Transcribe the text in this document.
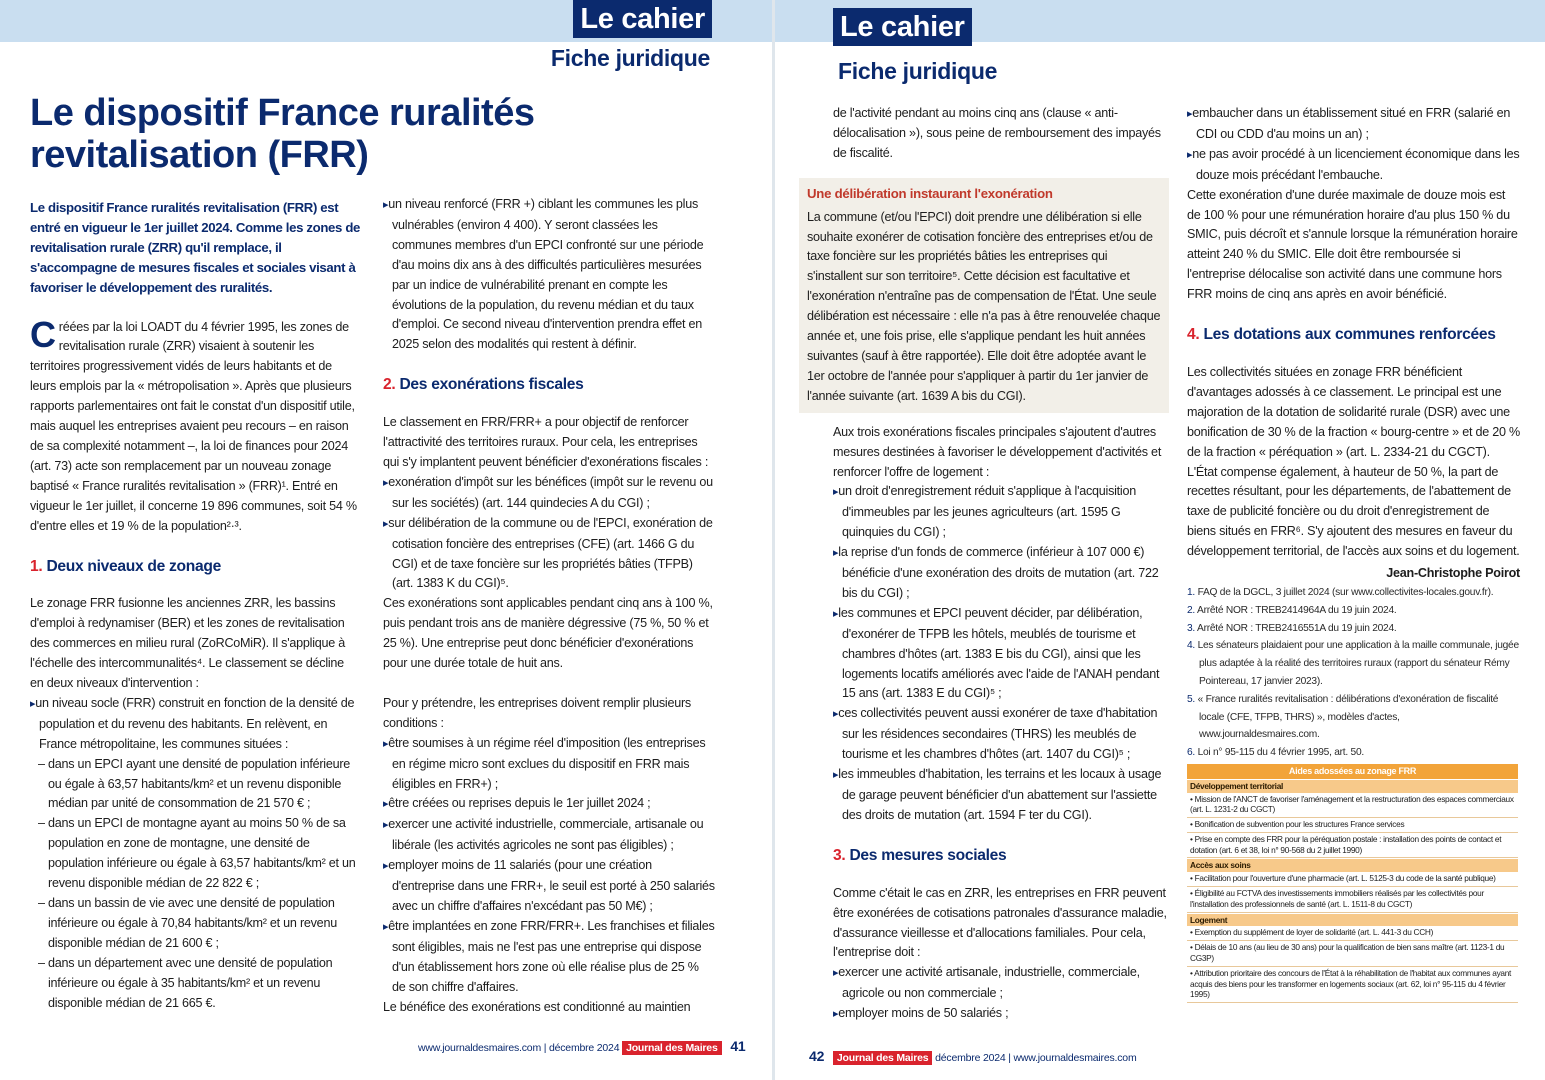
Le cahier
Fiche juridique
Le dispositif France ruralités revitalisation (FRR)

Le dispositif France ruralités revitalisation (FRR) est entré en vigueur le 1er juillet 2024. Comme les zones de revitalisation rurale (ZRR) qu'il remplace, il s'accompagne de mesures fiscales et sociales visant à favoriser le développement des ruralités.

Créées par la loi LOADT du 4 février 1995, les zones de revitalisation rurale (ZRR) visaient à soutenir les territoires progressivement vidés de leurs habitants et de leurs emplois par la « métropolisation ». Après que plusieurs rapports parlementaires ont fait le constat d'un dispositif utile, mais auquel les entreprises avaient peu recours – en raison de sa complexité notamment –, la loi de finances pour 2024 (art. 73) acte son remplacement par un nouveau zonage baptisé « France ruralités revitalisation » (FRR)¹. Entré en vigueur le 1er juillet, il concerne 19 896 communes, soit 54 % d'entre elles et 19 % de la population²·³.

1. Deux niveaux de zonage

Le zonage FRR fusionne les anciennes ZRR, les bassins d'emploi à redynamiser (BER) et les zones de revitalisation des commerces en milieu rural (ZoRCoMiR). Il s'applique à l'échelle des intercommunalités⁴. Le classement se décline en deux niveaux d'intervention :

▸ un niveau socle (FRR) construit en fonction de la densité de population et du revenu des habitants. En relèvent, en France métropolitaine, les communes situées :

– dans un EPCI ayant une densité de population inférieure ou égale à 63,57 habitants/km² et un revenu disponible médian par unité de consommation de 21 570 € ;

– dans un EPCI de montagne ayant au moins 50 % de sa population en zone de montagne, une densité de population inférieure ou égale à 63,57 habitants/km² et un revenu disponible médian de 22 822 € ;

– dans un bassin de vie avec une densité de population inférieure ou égale à 70,84 habitants/km² et un revenu disponible médian de 21 600 € ;

– dans un département avec une densité de population inférieure ou égale à 35 habitants/km² et un revenu disponible médian de 21 665 €.

▸ un niveau renforcé (FRR +) ciblant les communes les plus vulnérables (environ 4 400). Y seront classées les communes membres d'un EPCI confronté sur une période d'au moins dix ans à des difficultés particulières mesurées par un indice de vulnérabilité prenant en compte les évolutions de la population, du revenu médian et du taux d'emploi. Ce second niveau d'intervention prendra effet en 2025 selon des modalités qui restent à définir.

2. Des exonérations fiscales

Le classement en FRR/FRR+ a pour objectif de renforcer l'attractivité des territoires ruraux. Pour cela, les entreprises qui s'y implantent peuvent bénéficier d'exonérations fiscales :

▸ exonération d'impôt sur les bénéfices (impôt sur le revenu ou sur les sociétés) (art. 144 quindecies A du CGI) ;

▸ sur délibération de la commune ou de l'EPCI, exonération de cotisation foncière des entreprises (CFE) (art. 1466 G du CGI) et de taxe foncière sur les propriétés bâties (TFPB) (art. 1383 K du CGI)⁵.

Ces exonérations sont applicables pendant cinq ans à 100 %, puis pendant trois ans de manière dégressive (75 %, 50 % et 25 %). Une entreprise peut donc bénéficier d'exonérations pour une durée totale de huit ans.

Pour y prétendre, les entreprises doivent remplir plusieurs conditions :

▸ être soumises à un régime réel d'imposition (les entreprises en régime micro sont exclues du dispositif en FRR mais éligibles en FRR+) ;

▸ être créées ou reprises depuis le 1er juillet 2024 ;

▸ exercer une activité industrielle, commerciale, artisanale ou libérale (les activités agricoles ne sont pas éligibles) ;

▸ employer moins de 11 salariés (pour une création d'entreprise dans une FRR+, le seuil est porté à 250 salariés avec un chiffre d'affaires n'excédant pas 50 M€) ;

▸ être implantées en zone FRR/FRR+. Les franchises et filiales sont éligibles, mais ne l'est pas une entreprise qui dispose d'un établissement hors zone où elle réalise plus de 25 % de son chiffre d'affaires.

Le bénéfice des exonérations est conditionné au maintien

www.journaldesmaires.com | décembre 2024 Journal des Maires 41
Le cahier
Fiche juridique

de l'activité pendant au moins cinq ans (clause « anti-délocalisation »), sous peine de remboursement des impayés de fiscalité.

Une délibération instaurant l'exonération

La commune (et/ou l'EPCI) doit prendre une délibération si elle souhaite exonérer de cotisation foncière des entreprises et/ou de taxe foncière sur les propriétés bâties les entreprises qui s'installent sur son territoire⁵. Cette décision est facultative et l'exonération n'entraîne pas de compensation de l'État. Une seule délibération est nécessaire : elle n'a pas à être renouvelée chaque année et, une fois prise, elle s'applique pendant les huit années suivantes (sauf à être rapportée). Elle doit être adoptée avant le 1er octobre de l'année pour s'appliquer à partir du 1er janvier de l'année suivante (art. 1639 A bis du CGI).

Aux trois exonérations fiscales principales s'ajoutent d'autres mesures destinées à favoriser le développement d'activités et renforcer l'offre de logement :

▸ un droit d'enregistrement réduit s'applique à l'acquisition d'immeubles par les jeunes agriculteurs (art. 1595 G quinquies du CGI) ;

▸ la reprise d'un fonds de commerce (inférieur à 107 000 €) bénéficie d'une exonération des droits de mutation (art. 722 bis du CGI) ;

▸ les communes et EPCI peuvent décider, par délibération, d'exonérer de TFPB les hôtels, meublés de tourisme et chambres d'hôtes (art. 1383 E bis du CGI), ainsi que les logements locatifs améliorés avec l'aide de l'ANAH pendant 15 ans (art. 1383 E du CGI)⁵ ;

▸ ces collectivités peuvent aussi exonérer de taxe d'habitation sur les résidences secondaires (THRS) les meublés de tourisme et les chambres d'hôtes (art. 1407 du CGI)⁵ ;

▸ les immeubles d'habitation, les terrains et les locaux à usage de garage peuvent bénéficier d'un abattement sur l'assiette des droits de mutation (art. 1594 F ter du CGI).

3. Des mesures sociales

Comme c'était le cas en ZRR, les entreprises en FRR peuvent être exonérées de cotisations patronales d'assurance maladie, d'assurance vieillesse et d'allocations familiales. Pour cela, l'entreprise doit :

▸ exercer une activité artisanale, industrielle, commerciale, agricole ou non commerciale ;

▸ employer moins de 50 salariés ;

▸ embaucher dans un établissement situé en FRR (salarié en CDI ou CDD d'au moins un an) ;

▸ ne pas avoir procédé à un licenciement économique dans les douze mois précédant l'embauche.

Cette exonération d'une durée maximale de douze mois est de 100 % pour une rémunération horaire d'au plus 150 % du SMIC, puis décroît et s'annule lorsque la rémunération horaire atteint 240 % du SMIC. Elle doit être remboursée si l'entreprise délocalise son activité dans une commune hors FRR moins de cinq ans après en avoir bénéficié.

4. Les dotations aux communes renforcées

Les collectivités situées en zonage FRR bénéficient d'avantages adossés à ce classement. Le principal est une majoration de la dotation de solidarité rurale (DSR) avec une bonification de 30 % de la fraction « bourg-centre » et de 20 % de la fraction « péréquation » (art. L. 2334-21 du CGCT). L'État compense également, à hauteur de 50 %, la part de recettes résultant, pour les départements, de l'abattement de taxe de publicité foncière ou du droit d'enregistrement de biens situés en FRR⁶. S'y ajoutent des mesures en faveur du développement territorial, de l'accès aux soins et du logement.

Jean-Christophe Poirot

1. FAQ de la DGCL, 3 juillet 2024 (sur www.collectivites-locales.gouv.fr).

2. Arrêté NOR : TREB2414964A du 19 juin 2024.

3. Arrêté NOR : TREB2416551A du 19 juin 2024.

4. Les sénateurs plaidaient pour une application à la maille communale, jugée plus adaptée à la réalité des territoires ruraux (rapport du sénateur Rémy Pointereau, 17 janvier 2023).

5. « France ruralités revitalisation : délibérations d'exonération de fiscalité locale (CFE, TFPB, THRS) », modèles d'actes, www.journaldesmaires.com.

6. Loi n° 95-115 du 4 février 1995, art. 50.

Aides adossées au zonage FRR
Développement territorial
• Mission de l'ANCT de favoriser l'aménagement et la restructuration des espaces commerciaux (art. L. 1231-2 du CGCT)
• Bonification de subvention pour les structures France services
• Prise en compte des FRR pour la péréquation postale : installation des points de contact et dotation (art. 6 et 38, loi n° 90-568 du 2 juillet 1990)
Accès aux soins
• Facilitation pour l'ouverture d'une pharmacie (art. L. 5125-3 du code de la santé publique)
• Éligibilité au FCTVA des investissements immobiliers réalisés par les collectivités pour l'installation des professionnels de santé (art. L. 1511-8 du CGCT)
Logement
• Exemption du supplément de loyer de solidarité (art. L. 441-3 du CCH)
• Délais de 10 ans (au lieu de 30 ans) pour la qualification de bien sans maître (art. 1123-1 du CG3P)
• Attribution prioritaire des concours de l'État à la réhabilitation de l'habitat aux communes ayant acquis des biens pour les transformer en logements sociaux (art. 62, loi n° 95-115 du 4 février 1995)
42 Journal des Maires décembre 2024 | www.journaldesmaires.com
